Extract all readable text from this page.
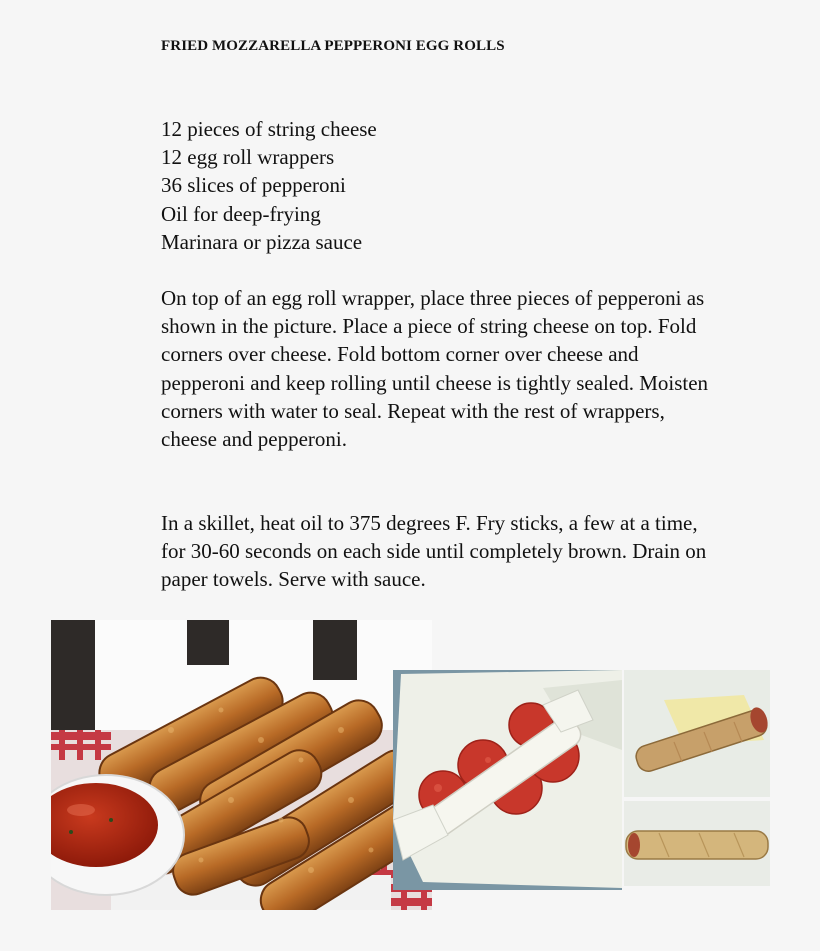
FRIED MOZZARELLA PEPPERONI EGG ROLLS
12 pieces of string cheese
12 egg roll wrappers
36 slices of pepperoni
Oil for deep-frying
Marinara or pizza sauce

On top of an egg roll wrapper, place three pieces of pepperoni as shown in the picture. Place a piece of string cheese on top. Fold corners over cheese. Fold bottom corner over cheese and pepperoni and keep rolling until cheese is tightly sealed. Moisten corners with water to seal. Repeat with the rest of wrappers, cheese and pepperoni.

In a skillet, heat oil to 375 degrees F. Fry sticks, a few at a time, for 30-60 seconds on each side until completely brown. Drain on paper towels. Serve with sauce.
